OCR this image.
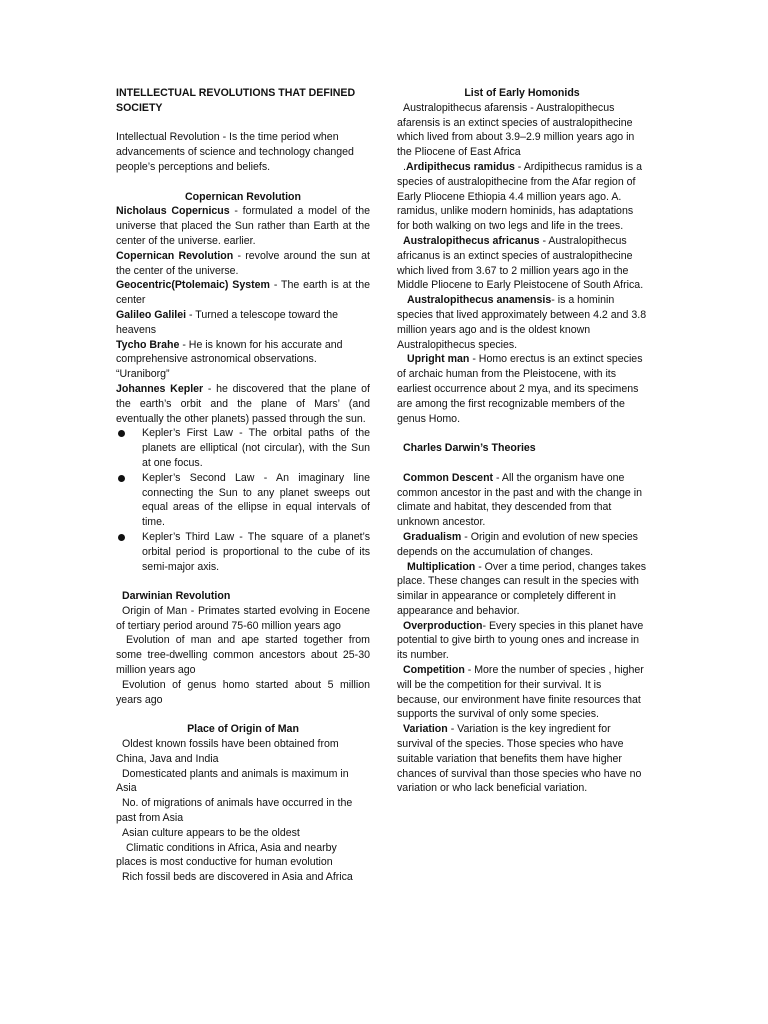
INTELLECTUAL REVOLUTIONS THAT DEFINED SOCIETY

Intellectual Revolution - Is the time period when advancements of science and technology changed people’s perceptions and beliefs.

Copernican Revolution

Nicholaus Copernicus - formulated a model of the universe that placed the Sun rather than Earth at the center of the universe. earlier.

Copernican Revolution - revolve around the sun at the center of the universe.

Geocentric(Ptolemaic) System - The earth is at the center

Galileo Galilei - Turned a telescope toward the heavens

Tycho Brahe - He is known for his accurate and comprehensive astronomical observations. “Uraniborg”

Johannes Kepler - he discovered that the plane of the earth’s orbit and the plane of Mars’ (and eventually the other planets) passed through the sun.

Kepler’s First Law - The orbital paths of the planets are elliptical (not circular), with the Sun at one focus.
Kepler’s Second Law - An imaginary line connecting the Sun to any planet sweeps out equal areas of the ellipse in equal intervals of time.
Kepler’s Third Law - The square of a planet’s orbital period is proportional to the cube of its semi-major axis.

Darwinian Revolution

Origin of Man - Primates started evolving in Eocene of tertiary period around 75-60 million years ago

Evolution of man and ape started together from some tree-dwelling common ancestors about 25-30 million years ago

Evolution of genus homo started about 5 million years ago

Place of Origin of Man

Oldest known fossils have been obtained from China, Java and India

Domesticated plants and animals is maximum in Asia

No. of migrations of animals have occurred in the past from Asia

Asian culture appears to be the oldest

Climatic conditions in Africa, Asia and nearby places is most conductive for human evolution

Rich fossil beds are discovered in Asia and Africa

List of Early Homonids

Australopithecus afarensis - Australopithecus afarensis is an extinct species of australopithecine which lived from about 3.9–2.9 million years ago in the Pliocene of East Africa

.Ardipithecus ramidus - Ardipithecus ramidus is a species of australopithecine from the Afar region of Early Pliocene Ethiopia 4.4 million years ago. A. ramidus, unlike modern hominids, has adaptations for both walking on two legs and life in the trees.

Australopithecus africanus - Australopithecus africanus is an extinct species of australopithecine which lived from 3.67 to 2 million years ago in the Middle Pliocene to Early Pleistocene of South Africa.

Australopithecus anamensis- is a hominin species that lived approximately between 4.2 and 3.8 million years ago and is the oldest known Australopithecus species.

Upright man - Homo erectus is an extinct species of archaic human from the Pleistocene, with its earliest occurrence about 2 mya, and its specimens are among the first recognizable members of the genus Homo.

Charles Darwin’s Theories

Common Descent - All the organism have one common ancestor in the past and with the change in climate and habitat, they descended from that unknown ancestor.

Gradualism - Origin and evolution of new species depends on the accumulation of changes.

Multiplication - Over a time period, changes takes place. These changes can result in the species with similar in appearance or completely different in appearance and behavior.

Overproduction- Every species in this planet have potential to give birth to young ones and increase in its number.

Competition - More the number of species , higher will be the competition for their survival. It is because, our environment have finite resources that supports the survival of only some species.

Variation - Variation is the key ingredient for survival of the species. Those species who have suitable variation that benefits them have higher chances of survival than those species who have no variation or who lack beneficial variation.
